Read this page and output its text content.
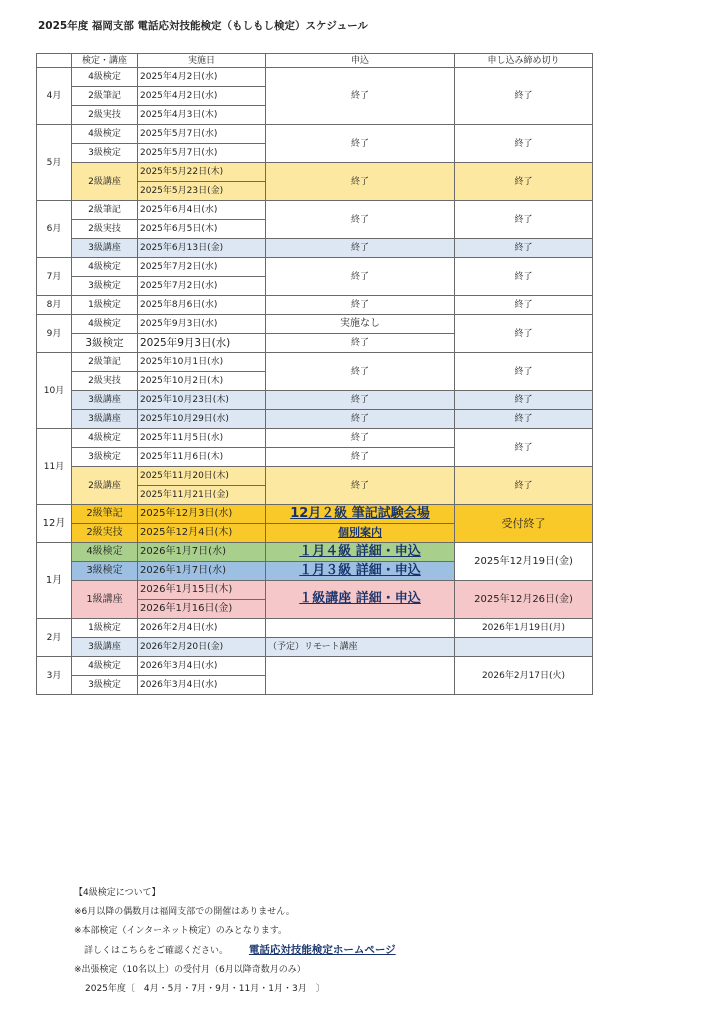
2025年度 福岡支部 電話応対技能検定（もしもし検定）スケジュール
	検定・講座	実施日	申込	申し込み締め切り
4月	4級検定	2025年4月2日(水)	終了	終了
	2級筆記	2025年4月2日(水)		
	2級実技	2025年4月3日(木)		
5月	4級検定	2025年5月7日(水)	終了	終了
	3級検定	2025年5月7日(水)		
	2級講座	2025年5月22日(木)	終了	終了
		2025年5月23日(金)		
6月	2級筆記	2025年6月4日(水)	終了	終了
	2級実技	2025年6月5日(木)		
	3級講座	2025年6月13日(金)	終了	終了
7月	4級検定	2025年7月2日(水)	終了	終了
	3級検定	2025年7月2日(水)		
8月	1級検定	2025年8月6日(水)	終了	終了
9月	4級検定	2025年9月3日(水)	実施なし	終了
	3級検定	2025年9月3日(水)	終了	
10月	2級筆記	2025年10月1日(水)	終了	終了
	2級実技	2025年10月2日(木)		
	3級講座	2025年10月23日(木)	終了	終了
	3級講座	2025年10月29日(水)	終了	終了
11月	4級検定	2025年11月5日(水)	終了	終了
	3級検定	2025年11月6日(木)	終了	
	2級講座	2025年11月20日(木)	終了	終了
		2025年11月21日(金)		
12月	2級筆記	2025年12月3日(水)	12月２級 筆記試験会場	受付終了
	2級実技	2025年12月4日(木)	個別案内	
1月	4級検定	2026年1月7日(水)	１月４級 詳細・申込	2025年12月19日(金)
	3級検定	2026年1月7日(水)	１月３級 詳細・申込	
	1級講座	2026年1月15日(木)	１級講座 詳細・申込	2025年12月26日(金)
		2026年1月16日(金)		
2月	1級検定	2026年2月4日(水)		2026年1月19日(月)
	3級講座	2026年2月20日(金)	（予定）リモート講座	
3月	4級検定	2026年3月4日(水)		2026年2月17日(火)
	3級検定	2026年3月4日(水)		
【4級検定について】
※6月以降の偶数月は福岡支部での開催はありません。
※本部検定（インターネット検定）のみとなります。
詳しくはこちらをご確認ください。 電話応対技能検定ホームページ
※出張検定（10名以上）の受付月（6月以降奇数月のみ）
2025年度〔　4月・5月・7月・9月・11月・1月・3月　〕
